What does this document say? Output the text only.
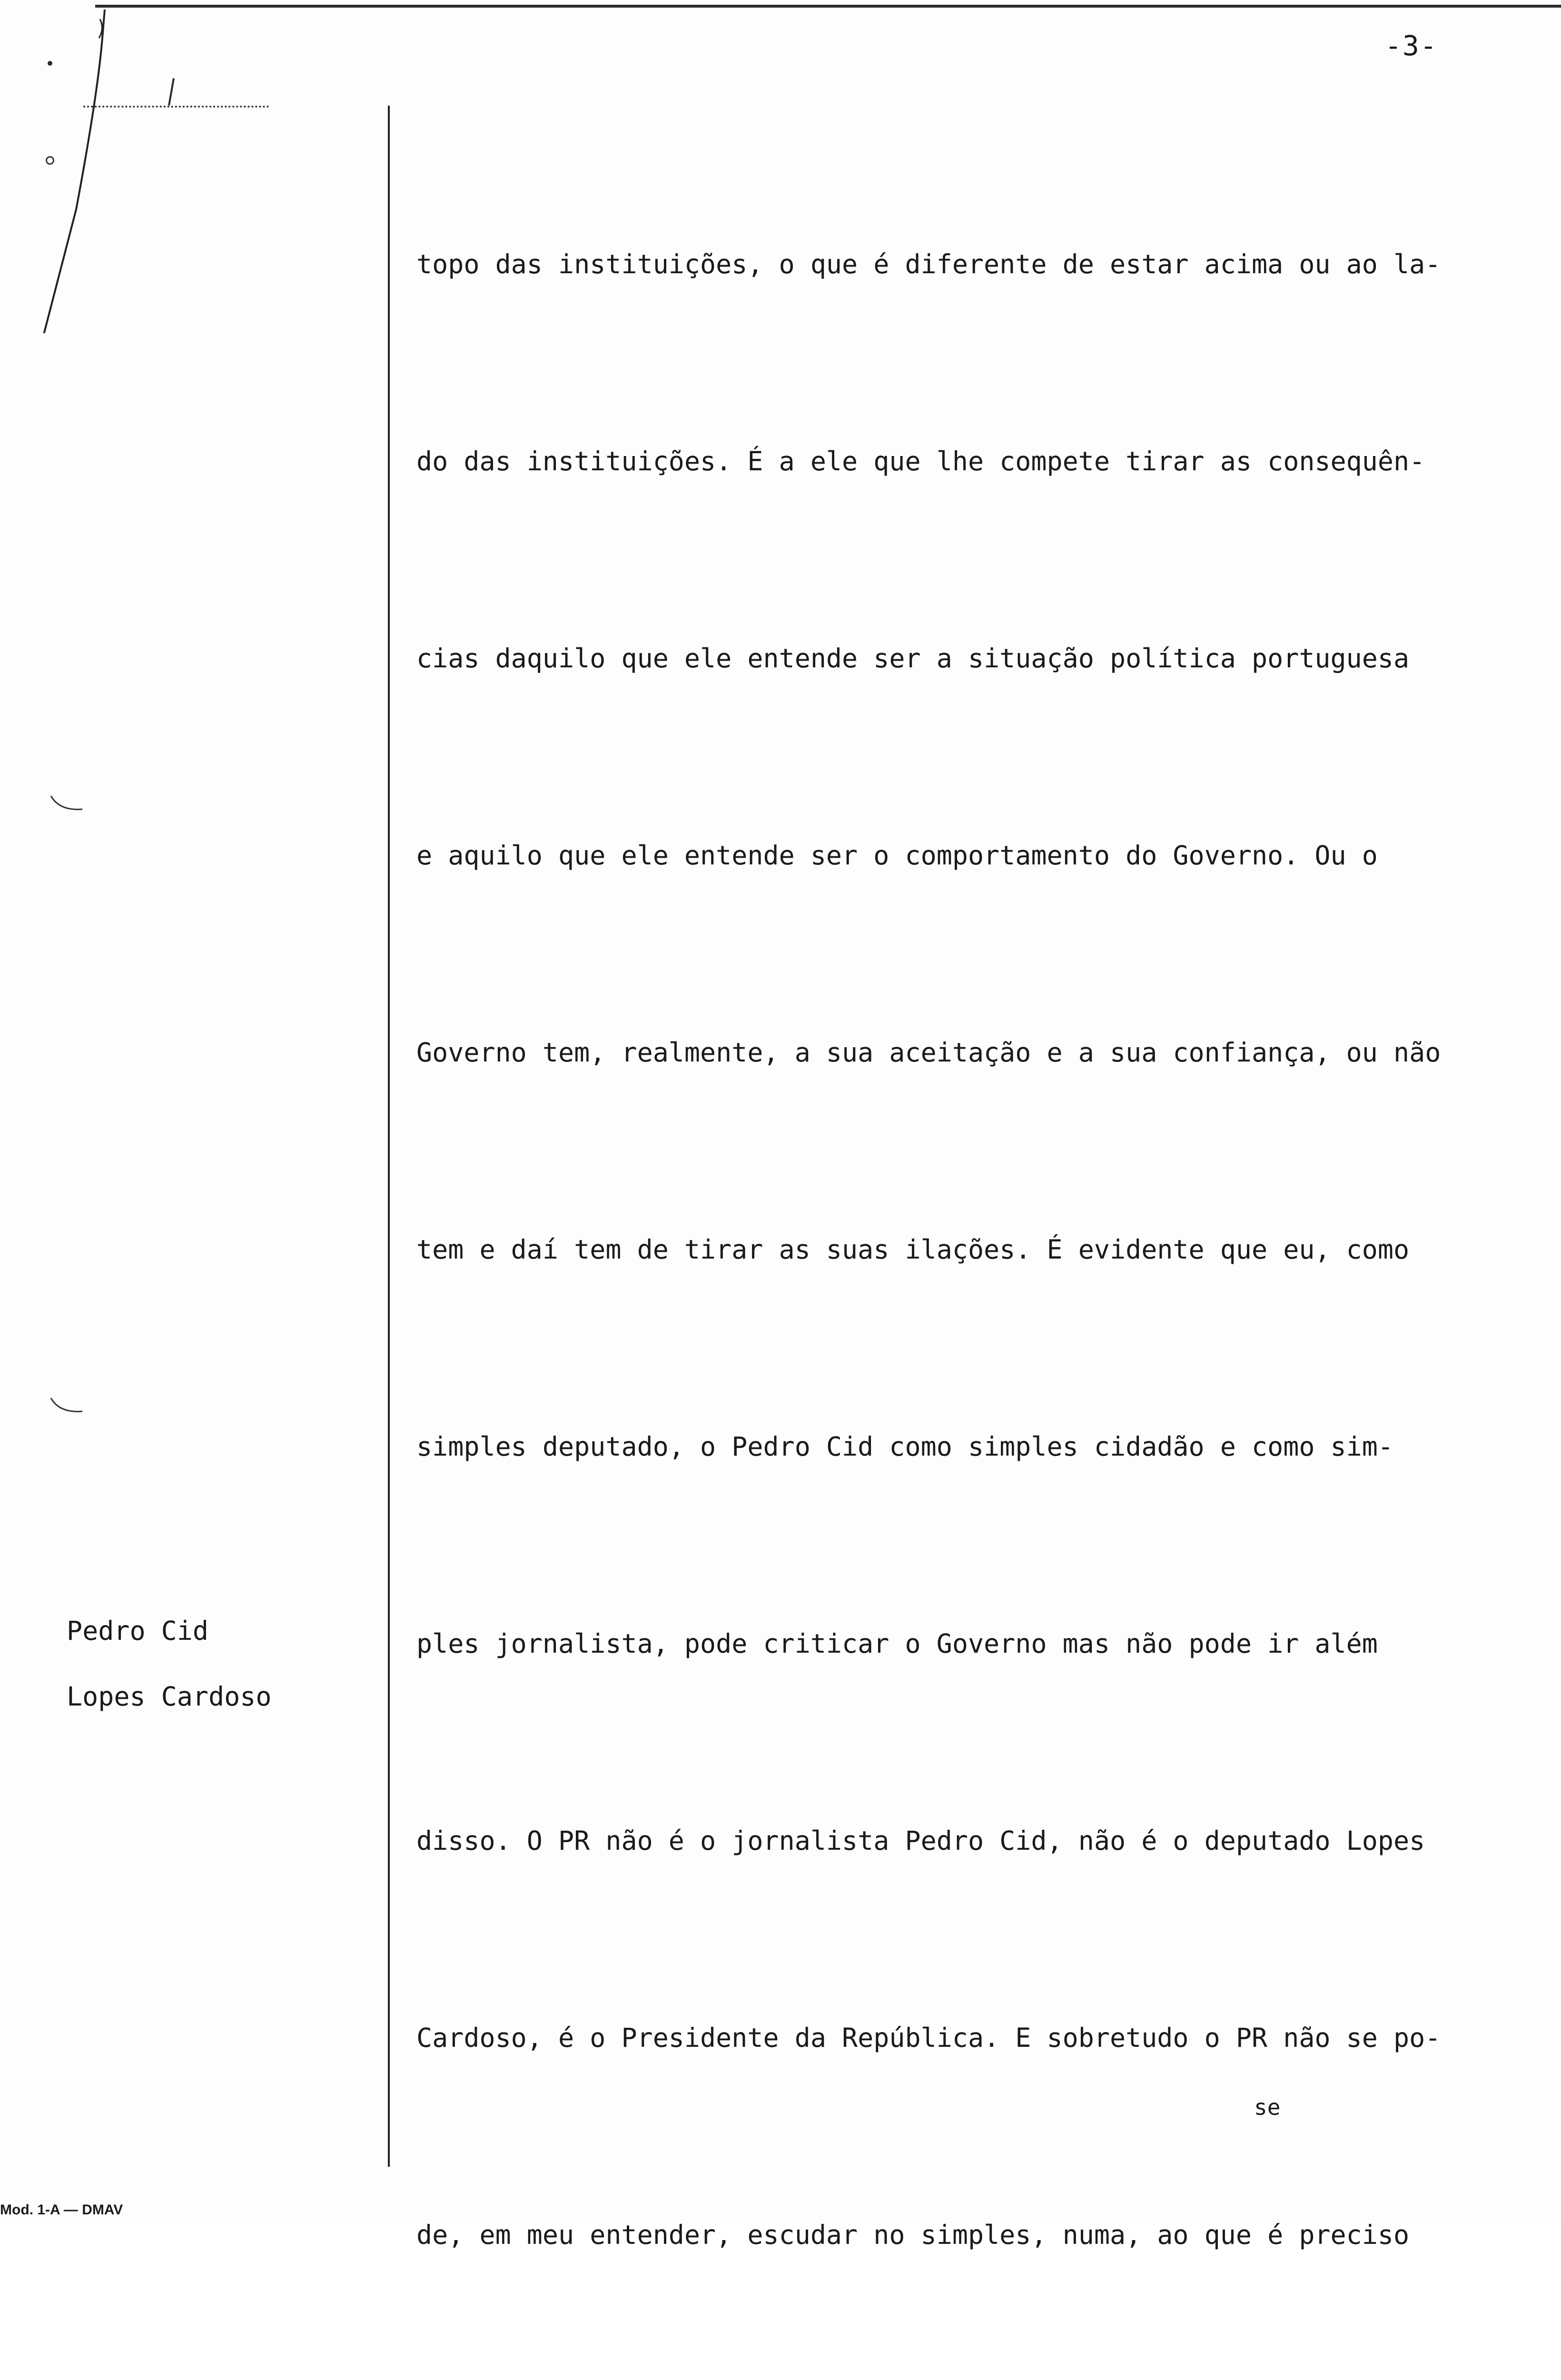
-3-
Pedro Cid
Lopes Cardoso

topo das instituições, o que é diferente de estar acima ou ao la-

do das instituições. É a ele que lhe compete tirar as consequên-

cias daquilo que ele entende ser a situação política portuguesa

e aquilo que ele entende ser o comportamento do Governo. Ou o

Governo tem, realmente, a sua aceitação e a sua confiança, ou não

tem e daí tem de tirar as suas ilações. É evidente que eu, como

simples deputado, o Pedro Cid como simples cidadão e como sim-

ples jornalista, pode criticar o Governo mas não pode ir além

disso. O PR não é o jornalista Pedro Cid, não é o deputado Lopes

Cardoso, é o Presidente da República. E sobretudo o PR não se po-

de, em meu entender, escudar no simples, numa, ao que é preciso

se
Mod. 1-A — DMAV
